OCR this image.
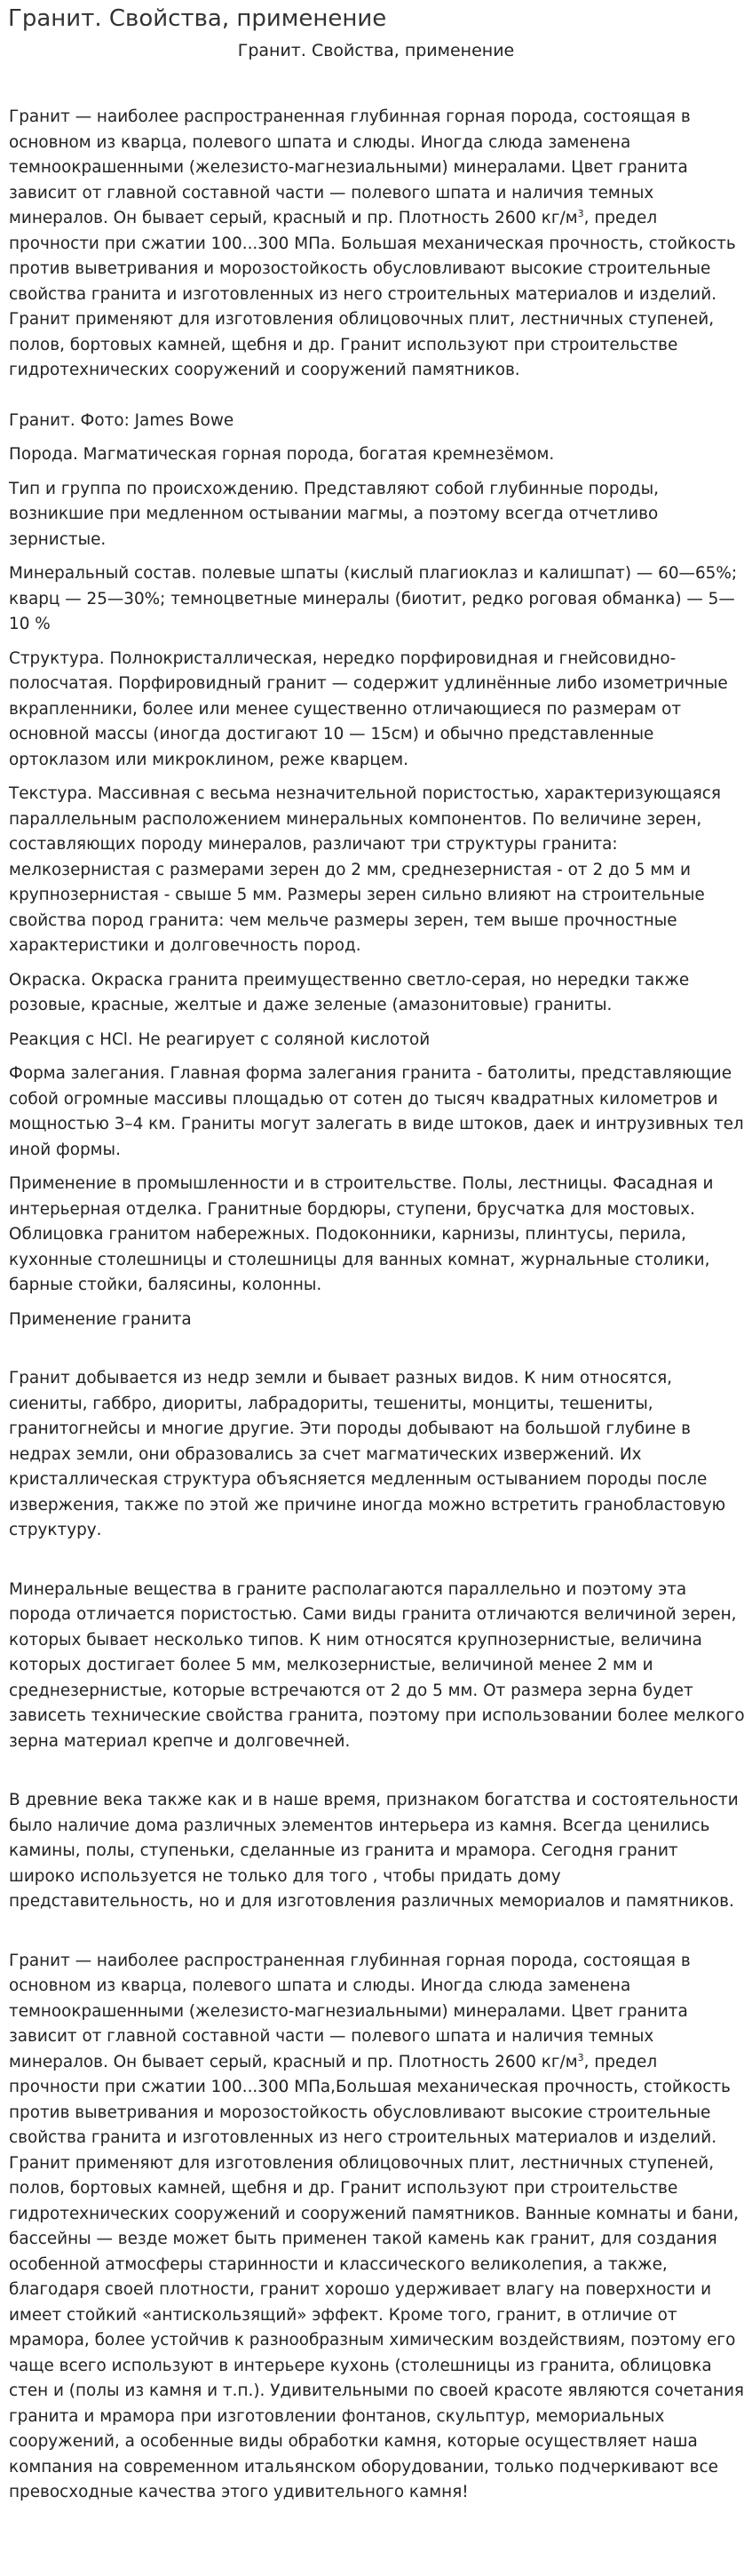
Гранит. Свойства, применение
Гранит. Свойства, применение

Гранит — наиболее распространенная глубинная горная порода, состоящая в основном из кварца, полевого шпата и слюды. Иногда слюда заменена темноокрашенными (железисто-магнезиальными) минералами. Цвет гранита зависит от главной составной части — полевого шпата и наличия темных минералов. Он бывает серый, красный и пр. Плотность 2600 $кг/м^3$, предел прочности при сжатии 100...300 МПа. Большая механическая прочность, стойкость против выветривания и морозостойкость обусловливают высокие строительные свойства гранита и изготовленных из него строительных материалов и изделий. Гранит применяют для изготовления облицовочных плит, лестничных ступеней, полов, бортовых камней, щебня и др. Гранит используют при строительстве гидротехнических сооружений и сооружений памятников.

Гранит. Фото: James Bowe

Порода. Магматическая горная порода, богатая кремнезёмом.

Тип и группа по происхождению. Представляют собой глубинные породы, возникшие при медленном остывании магмы, а поэтому всегда отчетливо зернистые.

Минеральный состав. полевые шпаты (кислый плагиоклаз и калишпат) — 60—65%; кварц — 25—30%; темноцветные минералы (биотит, редко роговая обманка) — 5—10 %

Структура. Полнокристаллическая, нередко порфировидная и гнейсовидно-полосчатая. Порфировидный гранит — содержит удлинённые либо изометричные вкрапленники, более или менее существенно отличающиеся по размерам от основной массы (иногда достигают 10 — 15см) и обычно представленные ортоклазом или микроклином, реже кварцем.

Текстура. Массивная с весьма незначительной пористостью, характеризующаяся параллельным расположением минеральных компонентов. По величине зерен, составляющих породу минералов, различают три структуры гранита: мелкозернистая с размерами зерен до 2 мм, среднезернистая - от 2 до 5 мм и крупнозернистая - свыше 5 мм. Размеры зерен сильно влияют на строительные свойства пород гранита: чем мельче размеры зерен, тем выше прочностные характеристики и долговечность пород.

Окраска. Окраска гранита преимущественно светло-серая, но нередки также розовые, красные, желтые и даже зеленые (амазонитовые) граниты.

Реакция с HCl. Не реагирует с соляной кислотой

Форма залегания. Главная форма залегания гранита - батолиты, представляющие собой огромные массивы площадью от сотен до тысяч квадратных километров и мощностью 3–4 км. Граниты могут залегать в виде штоков, даек и интрузивных тел иной формы.

Применение в промышленности и в строительстве. Полы, лестницы. Фасадная и интерьерная отделка. Гранитные бордюры, ступени, брусчатка для мостовых. Облицовка гранитом набережных. Подоконники, карнизы, плинтусы, перила, кухонные столешницы и столешницы для ванных комнат, журнальные столики, барные стойки, балясины, колонны.

Применение гранита

Гранит добывается из недр земли и бывает разных видов. К ним относятся, сиениты, габбро, диориты, лабрадориты, тешениты, монциты, тешениты, гранитогнейсы и многие другие. Эти породы добывают на большой глубине в недрах земли, они образовались за счет магматических извержений. Их кристаллическая структура объясняется медленным остыванием породы после извержения, также по этой же причине иногда можно встретить гранобластовую структуру.

Минеральные вещества в граните располагаются параллельно и поэтому эта порода отличается пористостью. Сами виды гранита отличаются величиной зерен, которых бывает несколько типов. К ним относятся крупнозернистые, величина которых достигает более 5 мм, мелкозернистые, величиной менее 2 мм и среднезернистые, которые встречаются от 2 до 5 мм. От размера зерна будет зависеть технические свойства гранита, поэтому при использовании более мелкого зерна материал крепче и долговечней.

В древние века также как и в наше время, признаком богатства и состоятельности было наличие дома различных элементов интерьера из камня. Всегда ценились камины, полы, ступеньки, сделанные из гранита и мрамора. Сегодня гранит широко используется не только для того , чтобы придать дому представительность, но и для изготовления различных мемориалов и памятников.

Гранит — наиболее распространенная глубинная горная порода, состоящая в основном из кварца, полевого шпата и слюды. Иногда слюда заменена темноокрашенными (железисто-магнезиальными) минералами. Цвет гранита зависит от главной составной части — полевого шпата и наличия темных минералов. Он бывает серый, красный и пр. Плотность 2600 $кг/м^3$, предел прочности при сжатии 100...300 МПа,Большая механическая прочность, стойкость против выветривания и морозостойкость обусловливают высокие строительные свойства гранита и изготовленных из него строительных материалов и изделий. Гранит применяют для изготовления облицовочных плит, лестничных ступеней, полов, бортовых камней, щебня и др. Гранит используют при строительстве гидротехнических сооружений и сооружений памятников. Ванные комнаты и бани, бассейны — везде может быть применен такой камень как гранит, для создания особенной атмосферы старинности и классического великолепия, а также, благодаря своей плотности, гранит хорошо удерживает влагу на поверхности и имеет стойкий «антискользящий» эффект. Кроме того, гранит, в отличие от мрамора, более устойчив к разнообразным химическим воздействиям, поэтому его чаще всего используют в интерьере кухонь (столешницы из гранита, облицовка стен и (полы из камня и т.п.). Удивительными по своей красоте являются сочетания гранита и мрамора при изготовлении фонтанов, скульптур, мемориальных сооружений, а особенные виды обработки камня, которые осуществляет наша компания на современном итальянском оборудовании, только подчеркивают все превосходные качества этого удивительного камня!
